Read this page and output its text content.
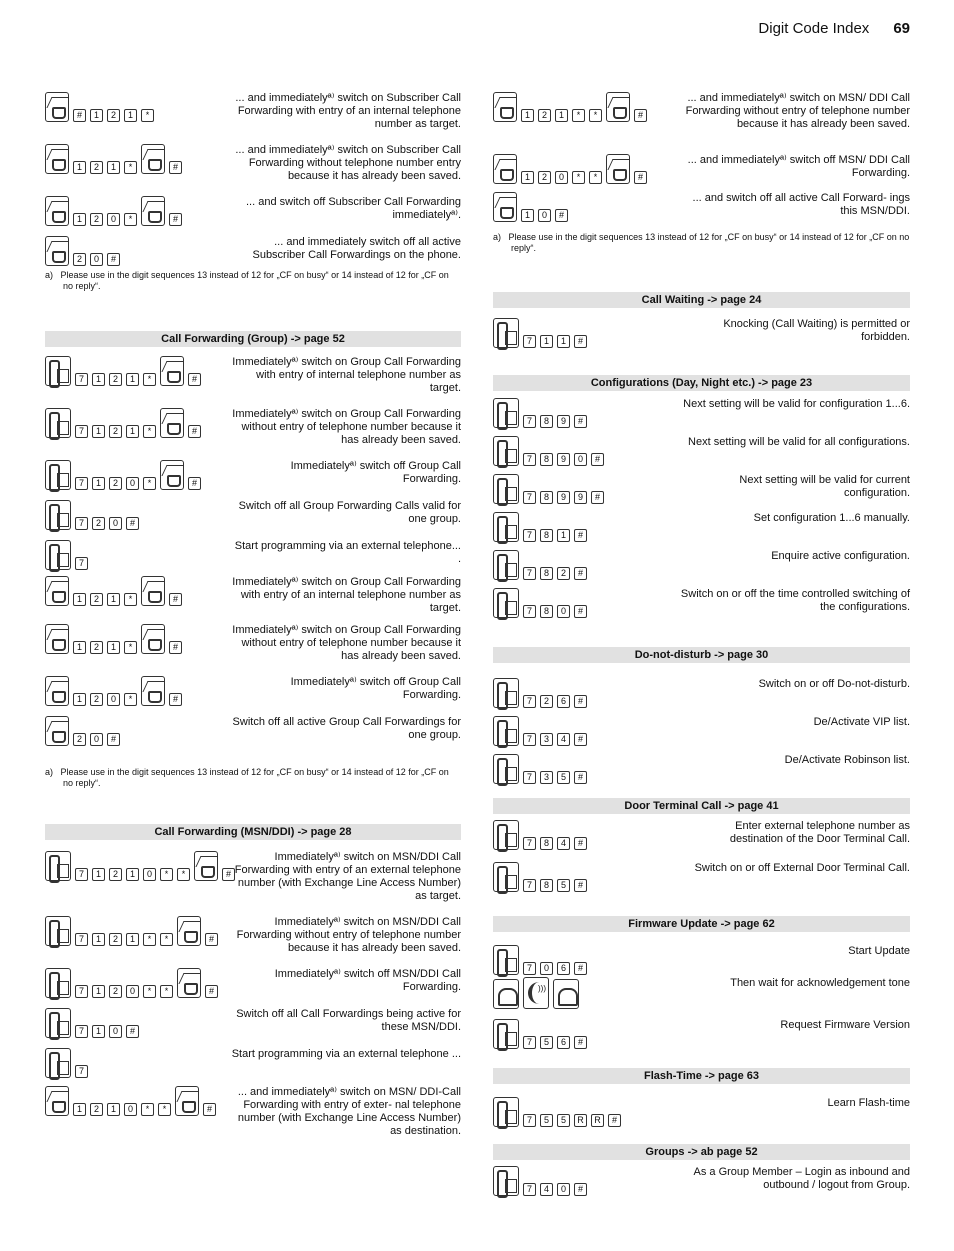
Digit Code Index 69
#	1	2	1	*
... and immediatelyª⁾ switch on Subscriber Call Forwarding with entry of an internal telephone number as target.
1	2	1	*	#
... and immediatelyª⁾ switch on Subscriber Call Forwarding without telephone number entry because it has already been saved.
1	2	0	*	#
... and switch off Subscriber Call Forwarding immediatelyª⁾.
2	0	#
... and immediately switch off all active Subscriber Call Forwardings on the phone.
a)   Please use in the digit sequences 13 instead of 12 for „CF on busy“ or 14 instead of 12 for „CF on no reply“.
Call Forwarding (Group) -> page 52
7	1	2	1	*	#
Immediatelyª⁾ switch on Group Call Forwarding with entry of internal telephone number as target.
7	1	2	1	*	#
Immediatelyª⁾ switch on Group Call Forwarding without entry of telephone number because it has already been saved.
7	1	2	0	*	#
Immediatelyª⁾ switch off Group Call Forwarding.
7	2	0	#
Switch off all Group Forwarding Calls valid for one group.
7
Start programming via an external telephone... .
1	2	1	*	#
Immediatelyª⁾ switch on Group Call Forwarding with entry of an internal telephone number as target.
1	2	1	*	#
Immediatelyª⁾ switch on Group Call Forwarding without entry of telephone number because it has already been saved.
1	2	0	*	#
Immediatelyª⁾ switch off Group Call Forwarding.
2	0	#
Switch off all active Group Call Forwardings for one group.
a)   Please use in the digit sequences 13 instead of 12 for „CF on busy“ or 14 instead of 12 for „CF on no reply“.
Call Forwarding (MSN/DDI) -> page 28
7	1	2	1	0	*	*	#
Immediatelyª⁾ switch on MSN/DDI Call Forwarding with entry of an external telephone number (with Exchange Line Access Number) as target.
7	1	2	1	*	*	#
Immediatelyª⁾ switch on MSN/DDI Call Forwarding without entry of telephone number because it has already been saved.
7	1	2	0	*	*	#
Immediatelyª⁾ switch off MSN/DDI Call Forwarding.
7	1	0	#
Switch off all Call Forwardings being active for these MSN/DDI.
7
Start programming via an external telephone ...
1	2	1	0	*	*	#
... and immediatelyª⁾ switch on MSN/ DDI-Call Forwarding with entry of exter- nal telephone number (with Exchange Line Access Number) as destination.
1	2	1	*	*	#
... and immediatelyª⁾ switch on MSN/ DDI Call Forwarding without entry of telephone number because it has already been saved.
1	2	0	*	*	#
... and immediatelyª⁾ switch off MSN/ DDI Call Forwarding.
1	0	#
... and switch off all active Call Forward- ings this MSN/DDI.
a)   Please use in the digit sequences 13 instead of 12 for „CF on busy“ or 14 instead of 12 for „CF on no reply“.
Call Waiting -> page 24
7	1	1	#
Knocking (Call Waiting) is permitted or forbidden.
Configurations (Day, Night etc.) -> page 23
7	8	9	#
Next setting will be valid for configuration 1...6.
7	8	9	0	#
Next setting will be valid for all configurations.
7	8	9	9	#
Next setting will be valid for current configuration.
7	8	1	#
Set configuration 1...6 manually.
7	8	2	#
Enquire active configuration.
7	8	0	#
Switch on or off the time controlled switching of the configurations.
Do-not-disturb -> page 30
7	2	6	#
Switch on or off Do-not-disturb.
7	3	4	#
De/Activate VIP list.
7	3	5	#
De/Activate Robinson list.
Door Terminal Call -> page 41
7	8	4	#
Enter external telephone number as destination of the Door Terminal Call.
7	8	5	#
Switch on or off External Door Terminal Call.
Firmware Update -> page 62
7	0	6	#
Start Update
)))
Then wait for acknowledgement tone
7	5	6	#
Request Firmware Version
Flash-Time -> page 63
7	5	5	R	R	#
Learn Flash-time
Groups -> ab page 52
7	4	0	#
As a Group Member – Login as inbound and outbound / logout from Group.
